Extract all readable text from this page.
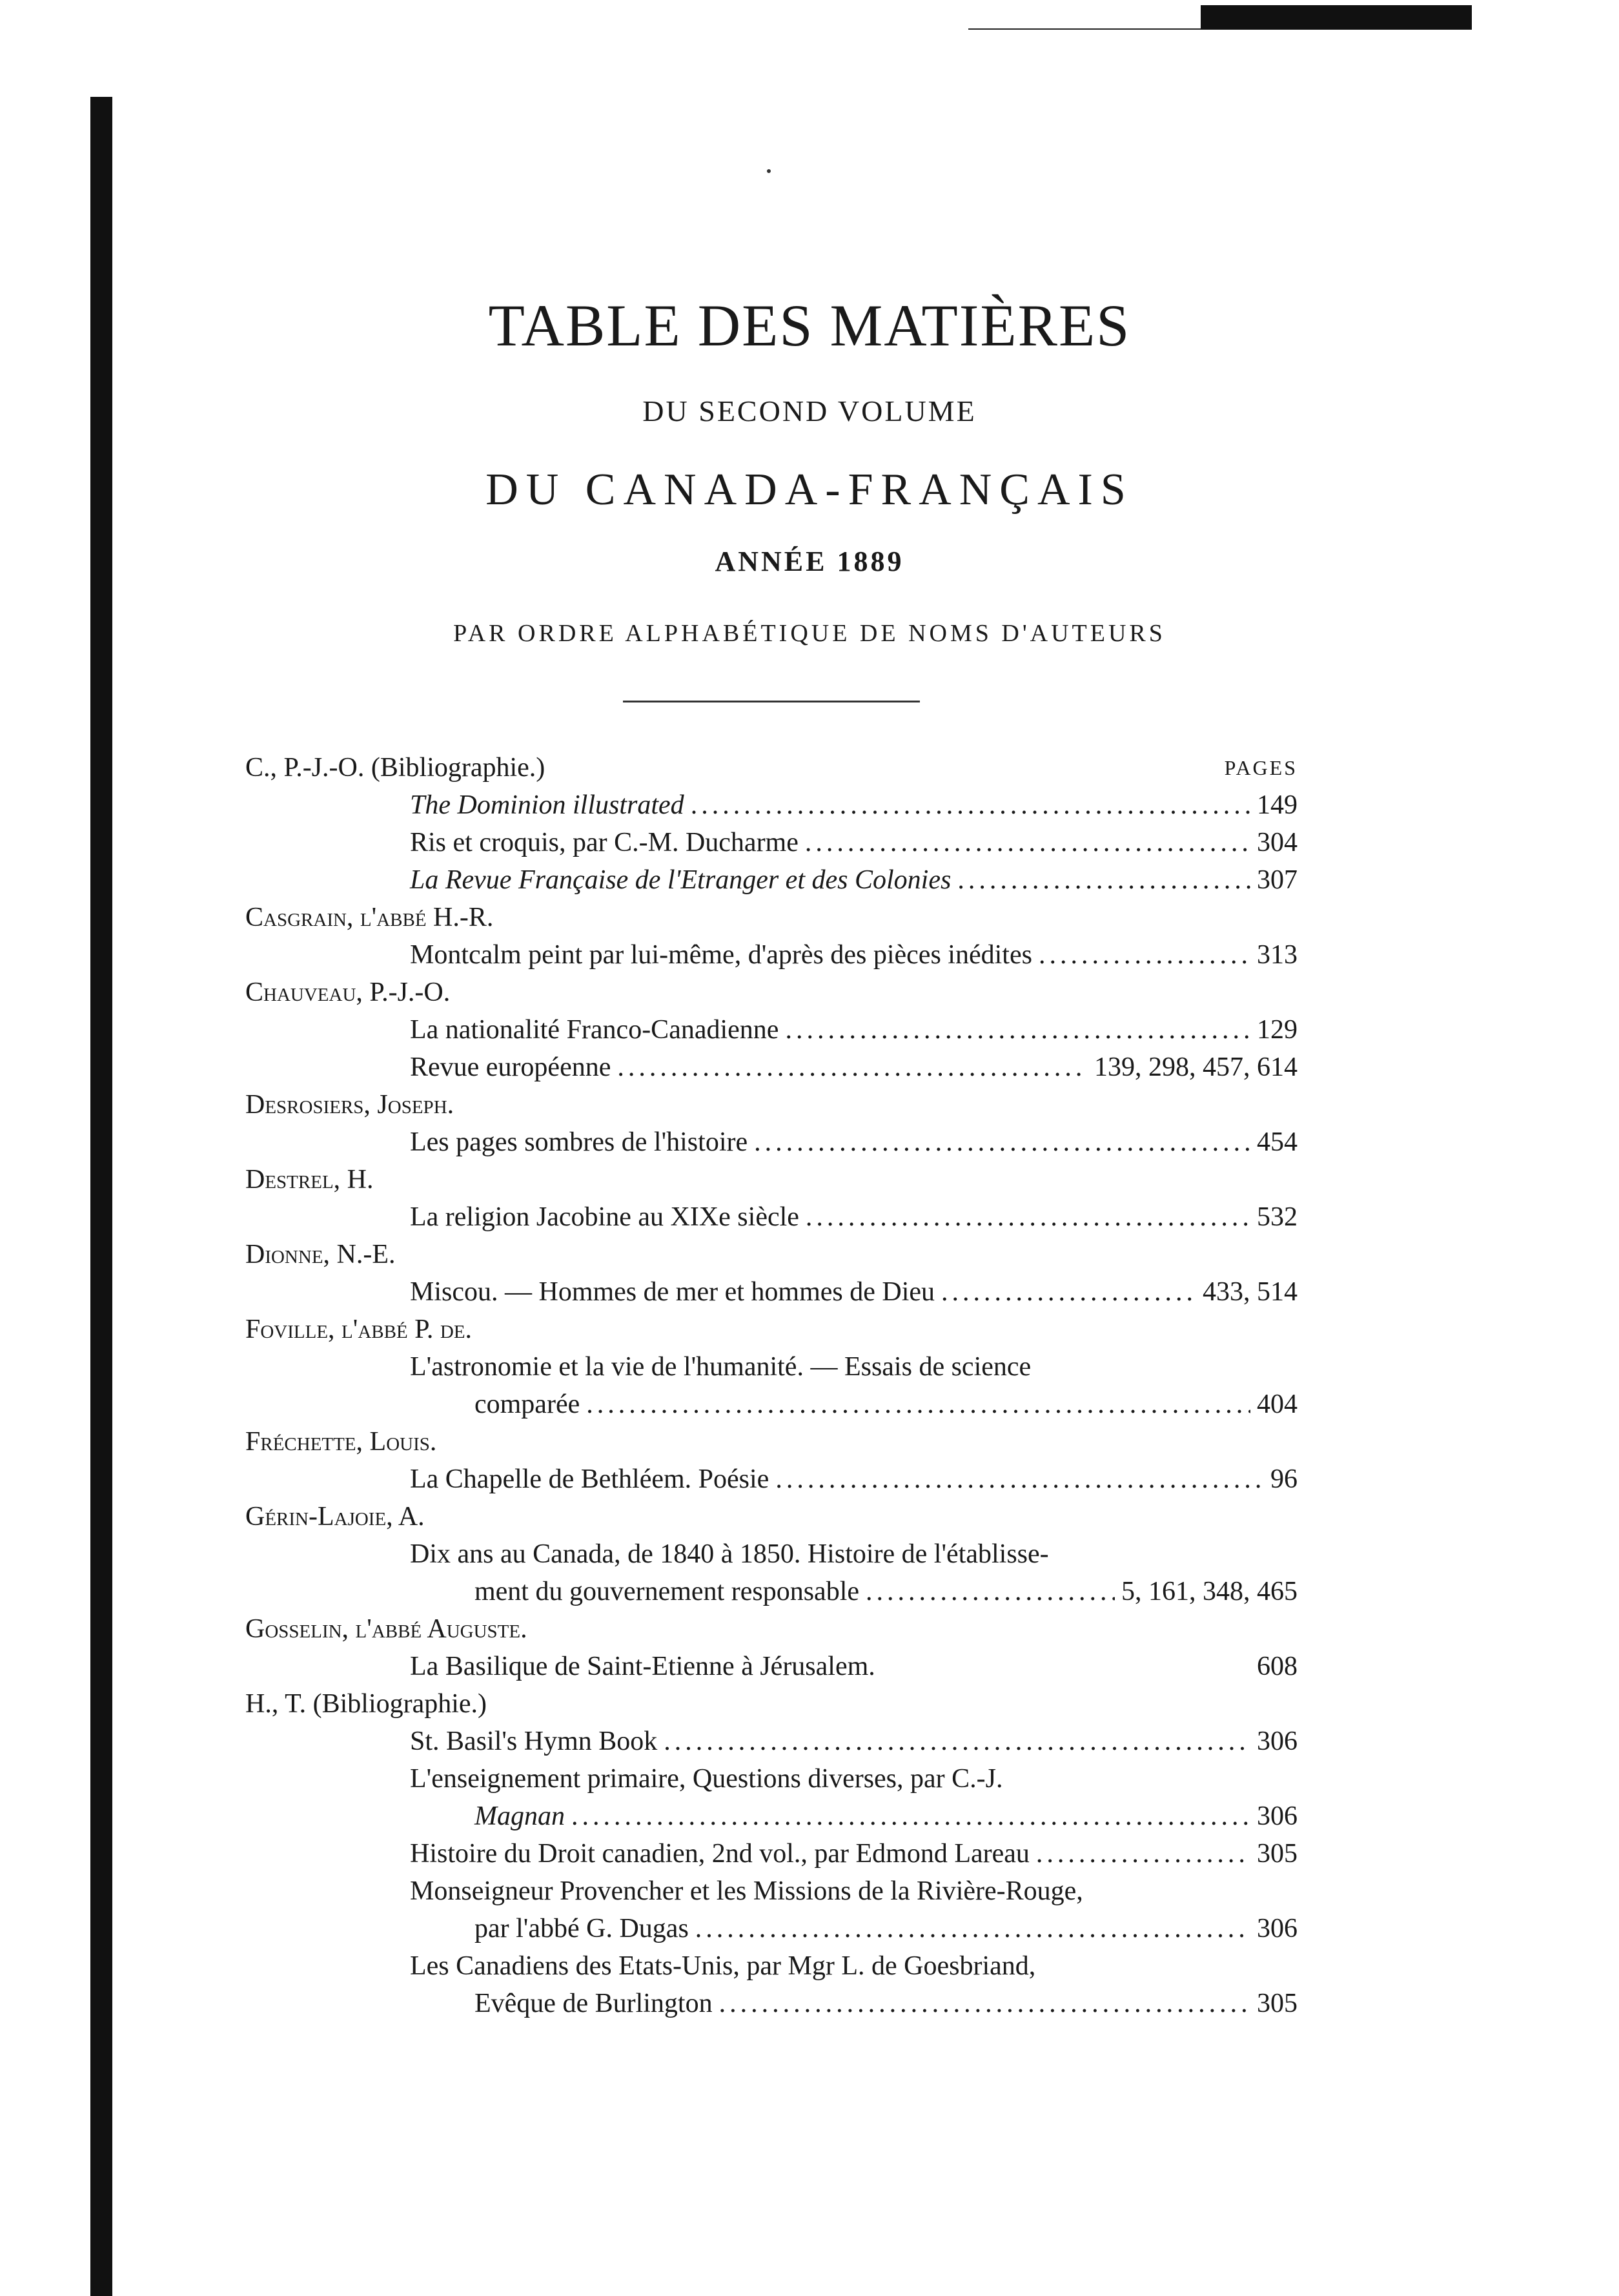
TABLE DES MATIÈRES
DU SECOND VOLUME
DU CANADA-FRANÇAIS
ANNÉE 1889
PAR ORDRE ALPHABÉTIQUE DE NOMS D'AUTEURS
C., P.-J.-O. (Bibliographie.)	PAGES
The Dominion illustrated .....	149
Ris et croquis, par C.-M. Ducharme .....	304
La Revue Française de l'Etranger et des Colonies .....	307
Casgrain, l'abbé H.-R.
Montcalm peint par lui-même, d'après des pièces inédites .....	313
Chauveau, P.-J.-O.
La nationalité Franco-Canadienne .....	129
Revue européenne .....	139, 298, 457, 614
Desrosiers, Joseph.
Les pages sombres de l'histoire .....	454
Destrel, H.
La religion Jacobine au XIXe siècle .....	532
Dionne, N.-E.
Miscou. — Hommes de mer et hommes de Dieu .....	433, 514
Foville, l'abbé P. de.
L'astronomie et la vie de l'humanité. — Essais de science
comparée .....	404
Fréchette, Louis.
La Chapelle de Bethléem. Poésie .....	96
Gérin-Lajoie, A.
Dix ans au Canada, de 1840 à 1850. Histoire de l'établisse-
ment du gouvernement responsable .....	5, 161, 348, 465
Gosselin, l'abbé Auguste.
La Basilique de Saint-Etienne à Jérusalem.	608
H., T. (Bibliographie.)
St. Basil's Hymn Book .....	306
L'enseignement primaire, Questions diverses, par C.-J.
Magnan .....	306
Histoire du Droit canadien, 2nd vol., par Edmond Lareau .....	305
Monseigneur Provencher et les Missions de la Rivière-Rouge,
par l'abbé G. Dugas .....	306
Les Canadiens des Etats-Unis, par Mgr L. de Goesbriand,
Evêque de Burlington .....	305
